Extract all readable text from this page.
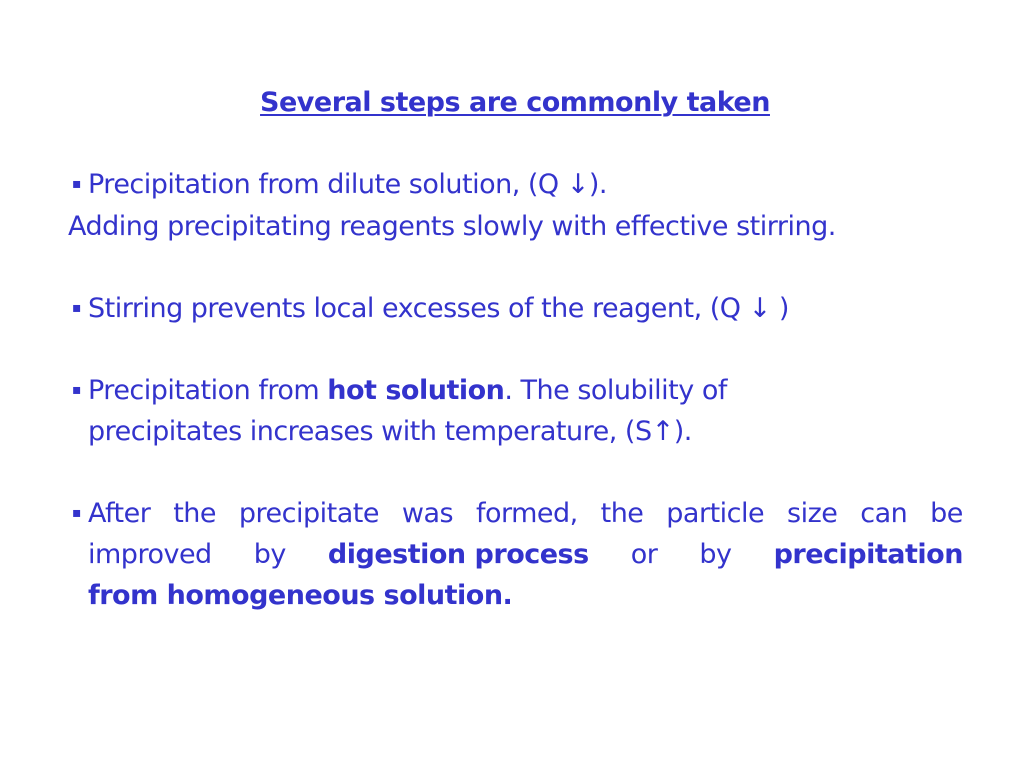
Several steps are commonly taken
▪ Precipitation from dilute solution, (Q ↓).
Adding precipitating reagents slowly with effective stirring.
▪ Stirring prevents local excesses of the reagent, (Q ↓ )
▪ Precipitation from hot solution. The solubility of
precipitates increases with temperature, (S↑).
▪ After the precipitate was formed, the particle size can be
improved by digestion process or by precipitation
from homogeneous solution.
